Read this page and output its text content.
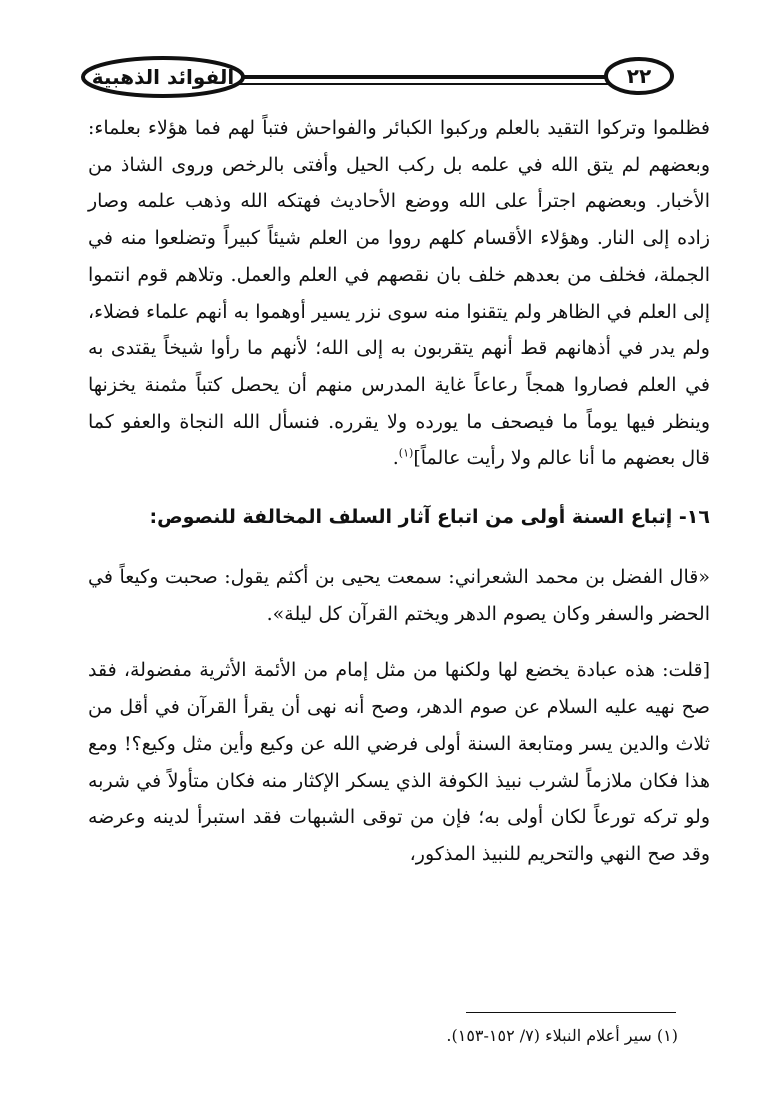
الفوائد الذهبية	٢٢

فظلموا وتركوا التقيد بالعلم وركبوا الكبائر والفواحش فتباً لهم فما هؤلاء بعلماء: وبعضهم لم يتق الله في علمه بل ركب الحيل وأفتى بالرخص وروى الشاذ من الأخبار. وبعضهم اجترأ على الله ووضع الأحاديث فهتكه الله وذهب علمه وصار زاده إلى النار. وهؤلاء الأقسام كلهم رووا من العلم شيئاً كبيراً وتضلعوا منه في الجملة، فخلف من بعدهم خلف بان نقصهم في العلم والعمل. وتلاهم قوم انتموا إلى العلم في الظاهر ولم يتقنوا منه سوى نزر يسير أوهموا به أنهم علماء فضلاء، ولم يدر في أذهانهم قط أنهم يتقربون به إلى الله؛ لأنهم ما رأوا شيخاً يقتدى به في العلم فصاروا همجاً رعاعاً غاية المدرس منهم أن يحصل كتباً مثمنة يخزنها وينظر فيها يوماً ما فيصحف ما يورده ولا يقرره. فنسأل الله النجاة والعفو كما قال بعضهم ما أنا عالم ولا رأيت عالماً]$^{(١)}$.

١٦- إتباع السنة أولى من اتباع آثار السلف المخالفة للنصوص:

«قال الفضل بن محمد الشعراني: سمعت يحيى بن أكثم يقول: صحبت وكيعاً في الحضر والسفر وكان يصوم الدهر ويختم القرآن كل ليلة».

[قلت: هذه عبادة يخضع لها ولكنها من مثل إمام من الأئمة الأثرية مفضولة، فقد صح نهيه عليه السلام عن صوم الدهر، وصح أنه نهى أن يقرأ القرآن في أقل من ثلاث والدين يسر ومتابعة السنة أولى فرضي الله عن وكيع وأين مثل وكيع؟! ومع هذا فكان ملازماً لشرب نبيذ الكوفة الذي يسكر الإكثار منه فكان متأولاً في شربه ولو تركه تورعاً لكان أولى به؛ فإن من توقى الشبهات فقد استبرأ لدينه وعرضه وقد صح النهي والتحريم للنبيذ المذكور،

(١) سير أعلام النبلاء (٧/ ١٥٢-١٥٣).
